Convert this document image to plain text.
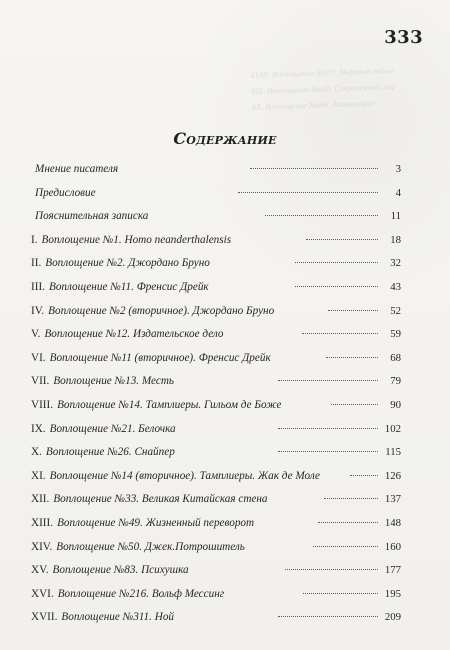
333
XVIII. Воплощение №617. Мировые войны
XIX. Воплощение №640. Современный мир
XX. Воплощение №666. Апокалипсис
Содержание
Мнение писателя	3
Предисловие	4
Пояснительная записка	11
I. Воплощение №1. Homo neanderthalensis	18
II. Воплощение №2. Джордано Бруно	32
III. Воплощение №11. Френсис Дрейк	43
IV. Воплощение №2 (вторичное). Джордано Бруно	52
V. Воплощение №12. Издательское дело	59
VI. Воплощение №11 (вторичное). Френсис Дрейк	68
VII. Воплощение №13. Месть	79
VIII. Воплощение №14. Тамплиеры. Гильом де Боже	90
IX. Воплощение №21. Белочка	102
X. Воплощение №26. Снайпер	115
XI. Воплощение №14 (вторичное). Тамплиеры. Жак де Моле	126
XII. Воплощение №33. Великая Китайская стена	137
XIII. Воплощение №49. Жизненный переворот	148
XIV. Воплощение №50. Джек.Потрошитель	160
XV. Воплощение №83. Психушка	177
XVI. Воплощение №216. Вольф Мессинг	195
XVII. Воплощение №311. Ной	209
